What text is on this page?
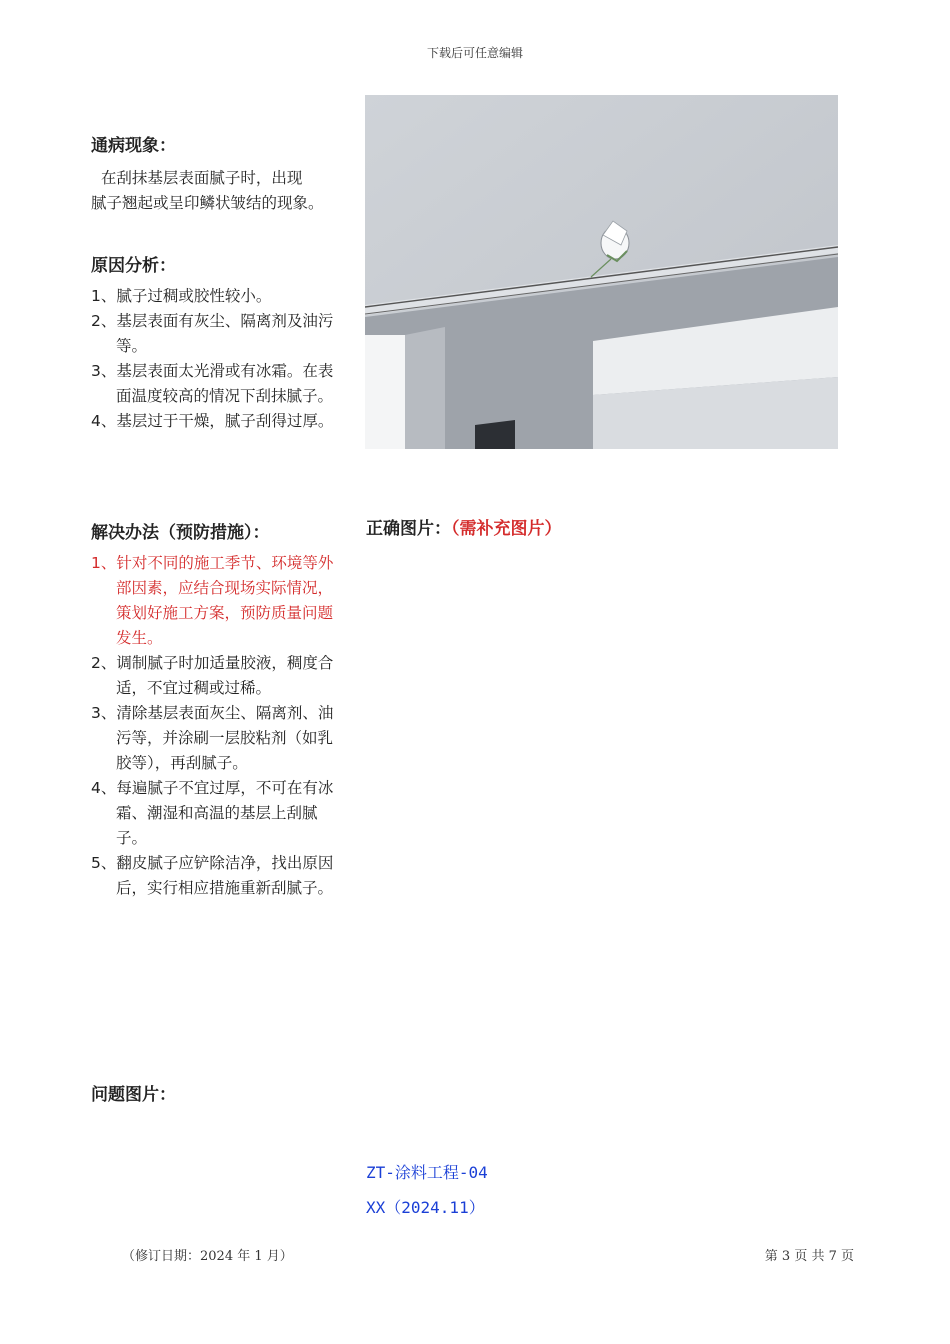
下载后可任意编辑
通病现象：
在刮抹基层表面腻子时，出现
腻子翘起或呈印鳞状皱结的现象。
原因分析：
1、腻子过稠或胶性较小。
2、基层表面有灰尘、隔离剂及油污等。
3、基层表面太光滑或有冰霜。在表面温度较高的情况下刮抹腻子。
4、基层过于干燥，腻子刮得过厚。
解决办法（预防措施）：
1、针对不同的施工季节、环境等外部因素，应结合现场实际情况，策划好施工方案，预防质量问题发生。
2、调制腻子时加适量胶液，稠度合适，不宜过稠或过稀。
3、清除基层表面灰尘、隔离剂、油污等，并涂刷一层胶粘剂（如乳胶等），再刮腻子。
4、每遍腻子不宜过厚，不可在有冰霜、潮湿和高温的基层上刮腻子。
5、翻皮腻子应铲除洁净，找出原因后，实行相应措施重新刮腻子。
正确图片：（需补充图片）
问题图片：
ZT-涂料工程-04
XX（2024.11）
（修订日期：2024 年 1 月）	第 3 页 共 7 页
